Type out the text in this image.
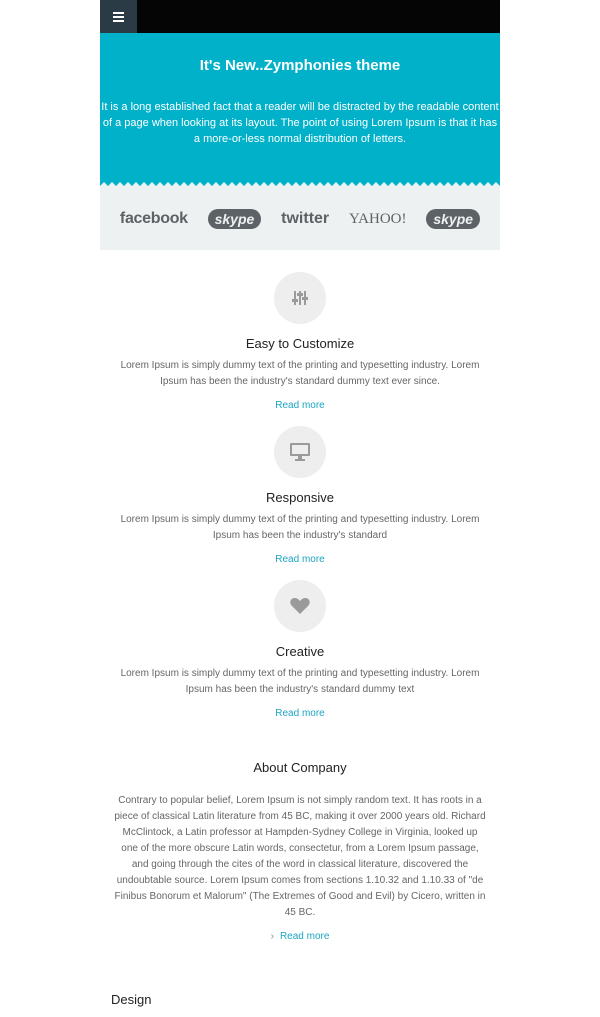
It's New..Zymphonies theme

It is a long established fact that a reader will be distracted by the readable content of a page when looking at its layout. The point of using Lorem Ipsum is that it has a more-or-less normal distribution of letters.

facebook	skype	twitter YAHOO!	skype
Easy to Customize

Lorem Ipsum is simply dummy text of the printing and typesetting industry. Lorem Ipsum has been the industry's standard dummy text ever since.

Read more
Responsive

Lorem Ipsum is simply dummy text of the printing and typesetting industry. Lorem Ipsum has been the industry's standard

Read more
Creative

Lorem Ipsum is simply dummy text of the printing and typesetting industry. Lorem Ipsum has been the industry's standard dummy text

Read more
About Company

Contrary to popular belief, Lorem Ipsum is not simply random text. It has roots in a piece of classical Latin literature from 45 BC, making it over 2000 years old. Richard McClintock, a Latin professor at Hampden-Sydney College in Virginia, looked up one of the more obscure Latin words, consectetur, from a Lorem Ipsum passage, and going through the cites of the word in classical literature, discovered the undoubtable source. Lorem Ipsum comes from sections 1.10.32 and 1.10.33 of "de Finibus Bonorum et Malorum" (The Extremes of Good and Evil) by Cicero, written in 45 BC.

› Read more
Design
